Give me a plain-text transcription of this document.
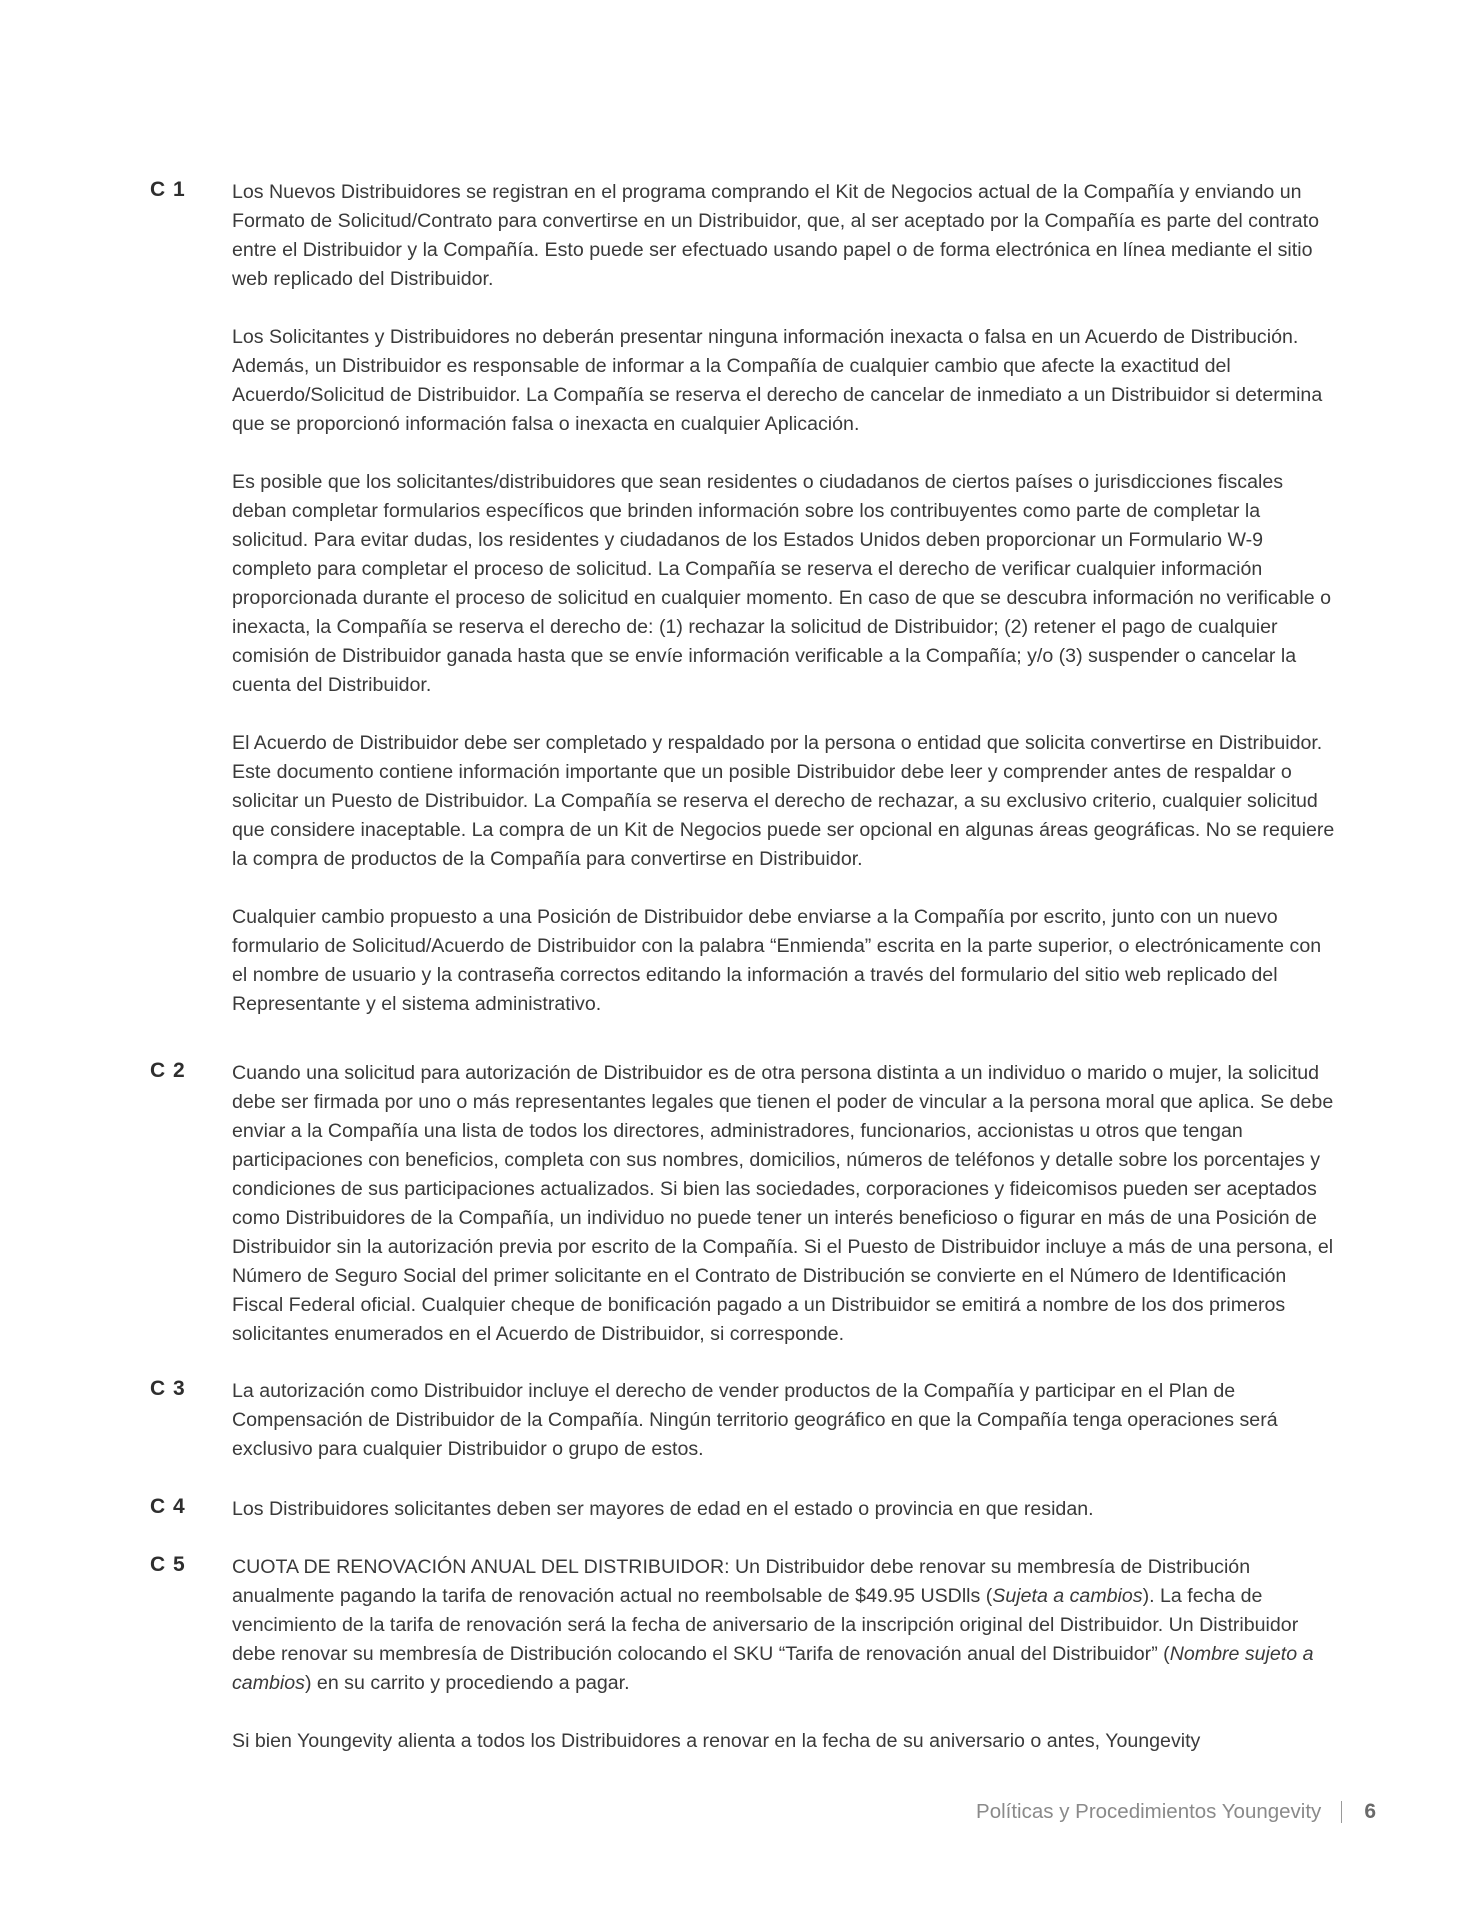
C 1 Los Nuevos Distribuidores se registran en el programa comprando el Kit de Negocios actual de la Compañía y enviando un Formato de Solicitud/Contrato para convertirse en un Distribuidor, que, al ser aceptado por la Compañía es parte del contrato entre el Distribuidor y la Compañía. Esto puede ser efectuado usando papel o de forma electrónica en línea mediante el sitio web replicado del Distribuidor.

Los Solicitantes y Distribuidores no deberán presentar ninguna información inexacta o falsa en un Acuerdo de Distribución. Además, un Distribuidor es responsable de informar a la Compañía de cualquier cambio que afecte la exactitud del Acuerdo/Solicitud de Distribuidor. La Compañía se reserva el derecho de cancelar de inmediato a un Distribuidor si determina que se proporcionó información falsa o inexacta en cualquier Aplicación.

Es posible que los solicitantes/distribuidores que sean residentes o ciudadanos de ciertos países o jurisdicciones fiscales deban completar formularios específicos que brinden información sobre los contribuyentes como parte de completar la solicitud. Para evitar dudas, los residentes y ciudadanos de los Estados Unidos deben proporcionar un Formulario W-9 completo para completar el proceso de solicitud. La Compañía se reserva el derecho de verificar cualquier información proporcionada durante el proceso de solicitud en cualquier momento. En caso de que se descubra información no verificable o inexacta, la Compañía se reserva el derecho de: (1) rechazar la solicitud de Distribuidor; (2) retener el pago de cualquier comisión de Distribuidor ganada hasta que se envíe información verificable a la Compañía; y/o (3) suspender o cancelar la cuenta del Distribuidor.

El Acuerdo de Distribuidor debe ser completado y respaldado por la persona o entidad que solicita convertirse en Distribuidor. Este documento contiene información importante que un posible Distribuidor debe leer y comprender antes de respaldar o solicitar un Puesto de Distribuidor. La Compañía se reserva el derecho de rechazar, a su exclusivo criterio, cualquier solicitud que considere inaceptable. La compra de un Kit de Negocios puede ser opcional en algunas áreas geográficas. No se requiere la compra de productos de la Compañía para convertirse en Distribuidor.

Cualquier cambio propuesto a una Posición de Distribuidor debe enviarse a la Compañía por escrito, junto con un nuevo formulario de Solicitud/Acuerdo de Distribuidor con la palabra “Enmienda” escrita en la parte superior, o electrónicamente con el nombre de usuario y la contraseña correctos editando la información a través del formulario del sitio web replicado del Representante y el sistema administrativo.

C 2 Cuando una solicitud para autorización de Distribuidor es de otra persona distinta a un individuo o marido o mujer, la solicitud debe ser firmada por uno o más representantes legales que tienen el poder de vincular a la persona moral que aplica. Se debe enviar a la Compañía una lista de todos los directores, administradores, funcionarios, accionistas u otros que tengan participaciones con beneficios, completa con sus nombres, domicilios, números de teléfonos y detalle sobre los porcentajes y condiciones de sus participaciones actualizados. Si bien las sociedades, corporaciones y fideicomisos pueden ser aceptados como Distribuidores de la Compañía, un individuo no puede tener un interés beneficioso o figurar en más de una Posición de Distribuidor sin la autorización previa por escrito de la Compañía. Si el Puesto de Distribuidor incluye a más de una persona, el Número de Seguro Social del primer solicitante en el Contrato de Distribución se convierte en el Número de Identificación Fiscal Federal oficial. Cualquier cheque de bonificación pagado a un Distribuidor se emitirá a nombre de los dos primeros solicitantes enumerados en el Acuerdo de Distribuidor, si corresponde.

C 3 La autorización como Distribuidor incluye el derecho de vender productos de la Compañía y participar en el Plan de Compensación de Distribuidor de la Compañía. Ningún territorio geográfico en que la Compañía tenga operaciones será exclusivo para cualquier Distribuidor o grupo de estos.

C 4 Los Distribuidores solicitantes deben ser mayores de edad en el estado o provincia en que residan.

C 5 CUOTA DE RENOVACIÓN ANUAL DEL DISTRIBUIDOR: Un Distribuidor debe renovar su membresía de Distribución anualmente pagando la tarifa de renovación actual no reembolsable de $49.95 USDlls (Sujeta a cambios). La fecha de vencimiento de la tarifa de renovación será la fecha de aniversario de la inscripción original del Distribuidor. Un Distribuidor debe renovar su membresía de Distribución colocando el SKU “Tarifa de renovación anual del Distribuidor” (Nombre sujeto a cambios) en su carrito y procediendo a pagar.

Si bien Youngevity alienta a todos los Distribuidores a renovar en la fecha de su aniversario o antes, Youngevity

Políticas y Procedimientos Youngevity 6
